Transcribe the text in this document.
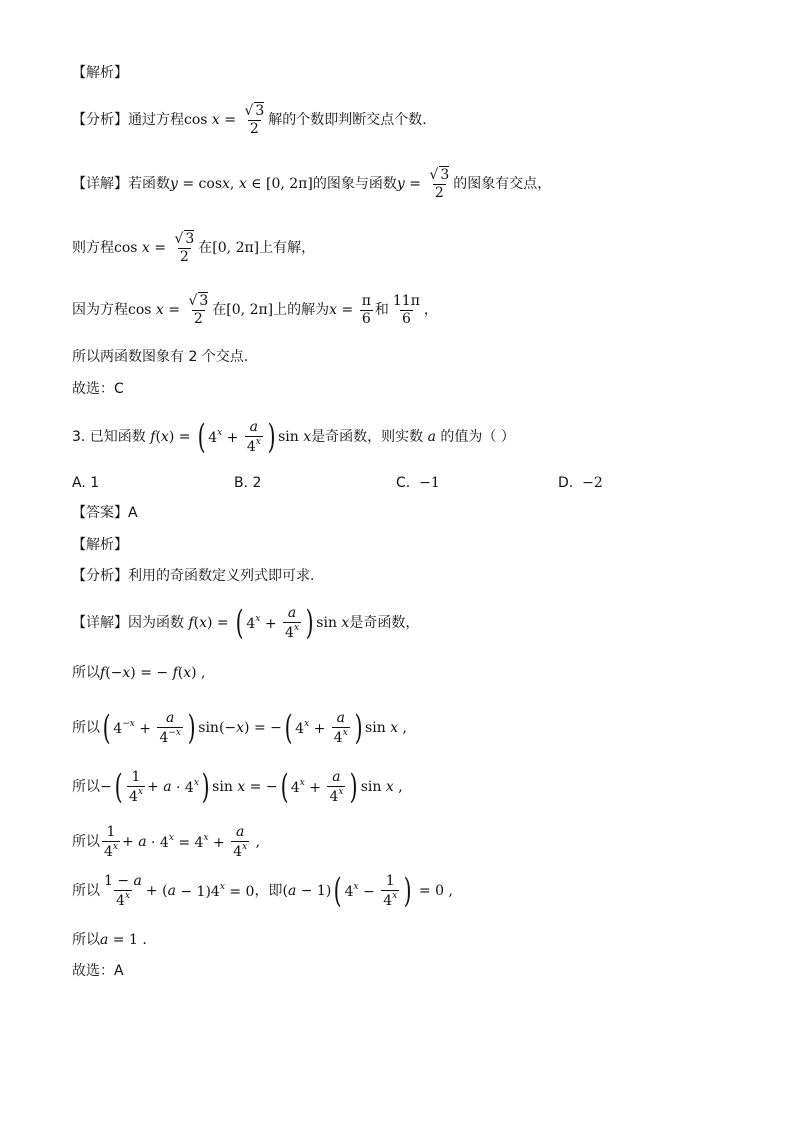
【解析】
【分析】通过方程 $\cos x = \frac{√ 3}{2}$ 解的个数即判断交点个数.
【详解】若函数 y = cos x , x ∈ [0, 2π] 的图象与函数 $y = \frac{√ 3}{2}$ 的图象有交点，
则方程 $\cos x = \frac{√ 3}{2}$ 在 [0, 2π] 上有解，
因为方程 $\cos x = \frac{√ 3}{2}$ 在 [0, 2π] 上的解为 $x = \frac{\pi}{6}$ 和 $\frac{11\pi}{6}$ ，
所以两函数图象有 2 个交点.
故选：C
3. 已知函数 f ( x ) = ( $4^x + \frac{a}{4^x}$ ) sin x 是奇函数，则实数 a 的值为（ ）
A. 1	B. 2	C. −1	D. −2
【答案】A
【解析】
【分析】利用的奇函数定义列式即可求.
【详解】因为函数 f ( x ) = ( $4^x + \frac{a}{4^x}$ ) sin x 是奇函数，
所以 f (− x ) = − f ( x ) ,
所以 ( $4^{-x} + \frac{a}{4^{-x}}$ ) sin(− x ) = − ( $4^x + \frac{a}{4^x}$ ) sin x ,
所以 − ( $\frac{1}{4^x} + a \cdot 4^x$ ) sin x = − ( $4^x + \frac{a}{4^x}$ ) sin x ,
所以 $\frac{1}{4^x} + a \cdot 4^x = 4^x + \frac{a}{4^x}$ ,
所以 $\frac{1 - a}{4^x}$ + ( $a - 1)4^x = 0$ ，即 ( a − 1) ( $4^x - \frac{1}{4^x}$ ) = 0 ,
所以 a = 1 .
故选：A
